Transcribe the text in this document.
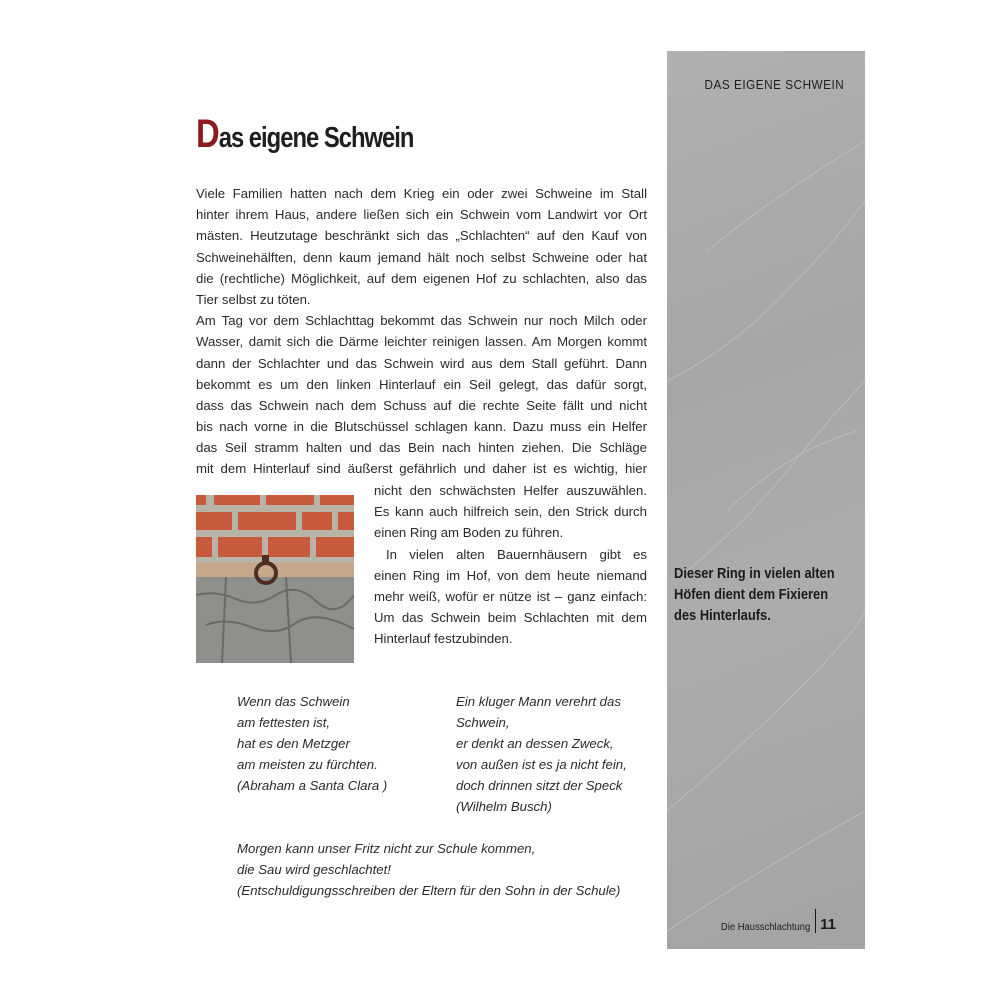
Das eigene Schwein
Viele Familien hatten nach dem Krieg ein oder zwei Schweine im Stall
hinter ihrem Haus, andere ließen sich ein Schwein vom Landwirt vor Ort
mästen. Heutzutage beschränkt sich das „Schlachten“ auf den Kauf von
Schweinehälften, denn kaum jemand hält noch selbst Schweine oder hat
die (rechtliche) Möglichkeit, auf dem eigenen Hof zu schlachten, also das
Tier selbst zu töten.
Am Tag vor dem Schlachttag bekommt das Schwein nur noch Milch oder
Wasser, damit sich die Därme leichter reinigen lassen. Am Morgen kommt
dann der Schlachter und das Schwein wird aus dem Stall geführt. Dann
bekommt es um den linken Hinterlauf ein Seil gelegt, das dafür sorgt,
dass das Schwein nach dem Schuss auf die rechte Seite fällt und nicht
bis nach vorne in die Blutschüssel schlagen kann. Dazu muss ein Helfer
das Seil stramm halten und das Bein nach hinten ziehen. Die Schläge
mit dem Hinterlauf sind äußerst gefährlich und daher ist es wichtig, hier
nicht den schwächsten Helfer auszuwählen.
Es kann auch hilfreich sein, den Strick durch
einen Ring am Boden zu führen.
In vielen alten Bauernhäusern gibt es
einen Ring im Hof, von dem heute niemand
mehr weiß, wofür er nütze ist – ganz einfach:
Um das Schwein beim Schlachten mit dem
Hinterlauf festzubinden.
Wenn das Schwein
am fettesten ist,
hat es den Metzger
am meisten zu fürchten.
(Abraham a Santa Clara )
Ein kluger Mann verehrt das
Schwein,
er denkt an dessen Zweck,
von außen ist es ja nicht fein,
doch drinnen sitzt der Speck
(Wilhelm Busch)
Morgen kann unser Fritz nicht zur Schule kommen,
die Sau wird geschlachtet!
(Entschuldigungsschreiben der Eltern für den Sohn in der Schule)
DAS EIGENE SCHWEIN
Dieser Ring in vielen alten
Höfen dient dem Fixieren
des Hinterlaufs.
Die Hausschlachtung 11
